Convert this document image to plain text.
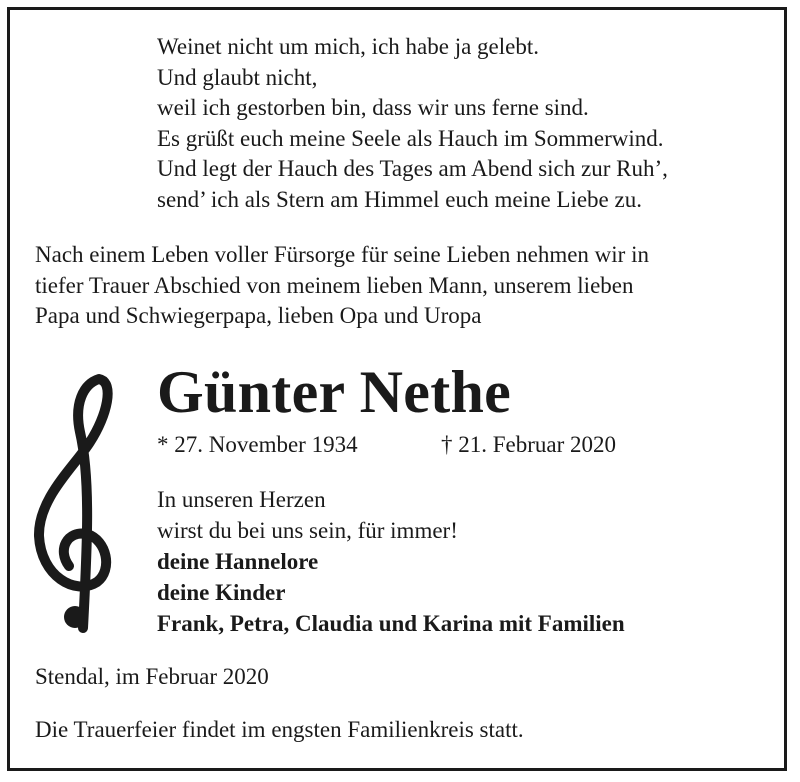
Weinet nicht um mich, ich habe ja gelebt.
Und glaubt nicht,
weil ich gestorben bin, dass wir uns ferne sind.
Es grüßt euch meine Seele als Hauch im Sommerwind.
Und legt der Hauch des Tages am Abend sich zur Ruh’,
send’ ich als Stern am Himmel euch meine Liebe zu.
Nach einem Leben voller Fürsorge für seine Lieben nehmen wir in
tiefer Trauer Abschied von meinem lieben Mann, unserem lieben
Papa und Schwiegerpapa, lieben Opa und Uropa
Günter Nethe
* 27. November 1934	† 21. Februar 2020
In unseren Herzen
wirst du bei uns sein, für immer!
deine Hannelore
deine Kinder
Frank, Petra, Claudia und Karina mit Familien
Stendal, im Februar 2020
Die Trauerfeier findet im engsten Familienkreis statt.
